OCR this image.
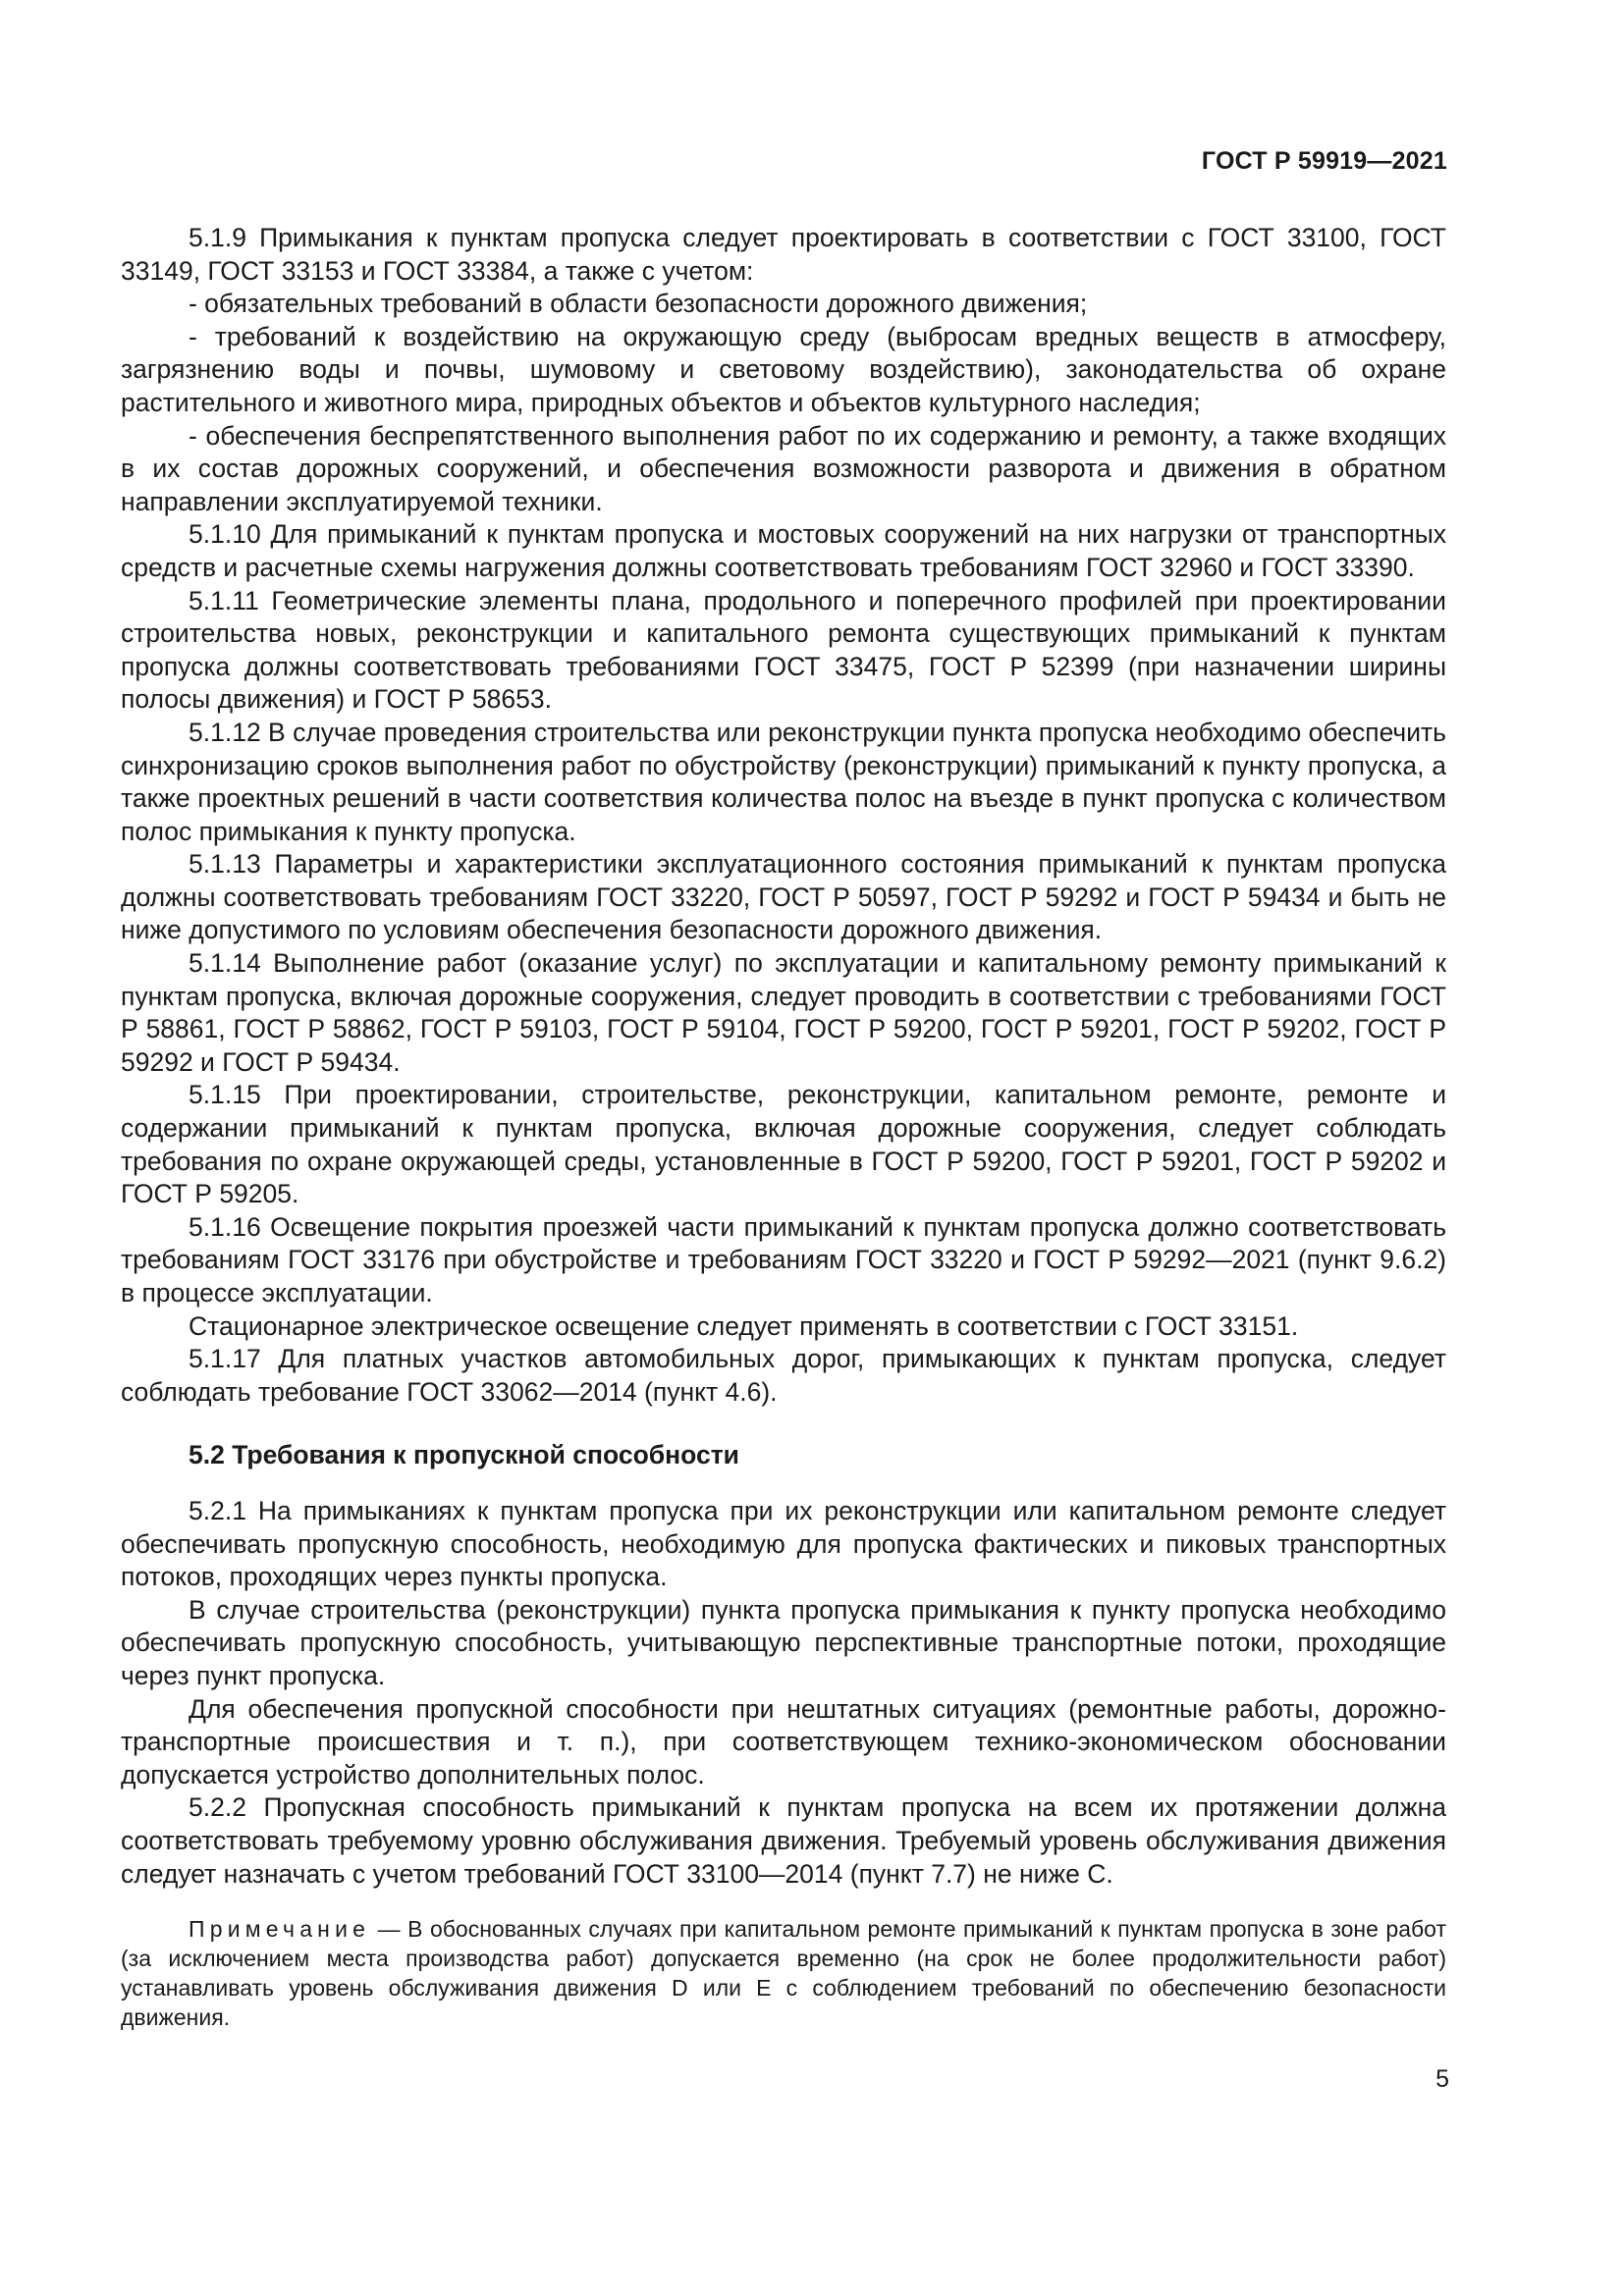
ГОСТ Р 59919—2021

5.1.9 Примыкания к пунктам пропуска следует проектировать в соответствии с ГОСТ 33100, ГОСТ 33149, ГОСТ 33153 и ГОСТ 33384, а также с учетом:

- обязательных требований в области безопасности дорожного движения;

- требований к воздействию на окружающую среду (выбросам вредных веществ в атмосферу, загрязнению воды и почвы, шумовому и световому воздействию), законодательства об охране растительного и животного мира, природных объектов и объектов культурного наследия;

- обеспечения беспрепятственного выполнения работ по их содержанию и ремонту, а также входящих в их состав дорожных сооружений, и обеспечения возможности разворота и движения в обратном направлении эксплуатируемой техники.

5.1.10 Для примыканий к пунктам пропуска и мостовых сооружений на них нагрузки от транспортных средств и расчетные схемы нагружения должны соответствовать требованиям ГОСТ 32960 и ГОСТ 33390.

5.1.11 Геометрические элементы плана, продольного и поперечного профилей при проектировании строительства новых, реконструкции и капитального ремонта существующих примыканий к пунктам пропуска должны соответствовать требованиями ГОСТ 33475, ГОСТ Р 52399 (при назначении ширины полосы движения) и ГОСТ Р 58653.

5.1.12 В случае проведения строительства или реконструкции пункта пропуска необходимо обеспечить синхронизацию сроков выполнения работ по обустройству (реконструкции) примыканий к пункту пропуска, а также проектных решений в части соответствия количества полос на въезде в пункт пропуска с количеством полос примыкания к пункту пропуска.

5.1.13 Параметры и характеристики эксплуатационного состояния примыканий к пунктам пропуска должны соответствовать требованиям ГОСТ 33220, ГОСТ Р 50597, ГОСТ Р 59292 и ГОСТ Р 59434 и быть не ниже допустимого по условиям обеспечения безопасности дорожного движения.

5.1.14 Выполнение работ (оказание услуг) по эксплуатации и капитальному ремонту примыканий к пунктам пропуска, включая дорожные сооружения, следует проводить в соответствии с требованиями ГОСТ Р 58861, ГОСТ Р 58862, ГОСТ Р 59103, ГОСТ Р 59104, ГОСТ Р 59200, ГОСТ Р 59201, ГОСТ Р 59202, ГОСТ Р 59292 и ГОСТ Р 59434.

5.1.15 При проектировании, строительстве, реконструкции, капитальном ремонте, ремонте и содержании примыканий к пунктам пропуска, включая дорожные сооружения, следует соблюдать требования по охране окружающей среды, установленные в ГОСТ Р 59200, ГОСТ Р 59201, ГОСТ Р 59202 и ГОСТ Р 59205.

5.1.16 Освещение покрытия проезжей части примыканий к пунктам пропуска должно соответствовать требованиям ГОСТ 33176 при обустройстве и требованиям ГОСТ 33220 и ГОСТ Р 59292—2021 (пункт 9.6.2) в процессе эксплуатации.

Стационарное электрическое освещение следует применять в соответствии с ГОСТ 33151.

5.1.17 Для платных участков автомобильных дорог, примыкающих к пунктам пропуска, следует соблюдать требование ГОСТ 33062—2014 (пункт 4.6).

5.2 Требования к пропускной способности

5.2.1 На примыканиях к пунктам пропуска при их реконструкции или капитальном ремонте следует обеспечивать пропускную способность, необходимую для пропуска фактических и пиковых транспортных потоков, проходящих через пункты пропуска.

В случае строительства (реконструкции) пункта пропуска примыкания к пункту пропуска необходимо обеспечивать пропускную способность, учитывающую перспективные транспортные потоки, проходящие через пункт пропуска.

Для обеспечения пропускной способности при нештатных ситуациях (ремонтные работы, дорожно-транспортные происшествия и т. п.), при соответствующем технико-экономическом обосновании допускается устройство дополнительных полос.

5.2.2 Пропускная способность примыканий к пунктам пропуска на всем их протяжении должна соответствовать требуемому уровню обслуживания движения. Требуемый уровень обслуживания движения следует назначать с учетом требований ГОСТ 33100—2014 (пункт 7.7) не ниже С.

Примечание — В обоснованных случаях при капитальном ремонте примыканий к пунктам пропуска в зоне работ (за исключением места производства работ) допускается временно (на срок не более продолжительности работ) устанавливать уровень обслуживания движения D или E с соблюдением требований по обеспечению безопасности движения.

5
